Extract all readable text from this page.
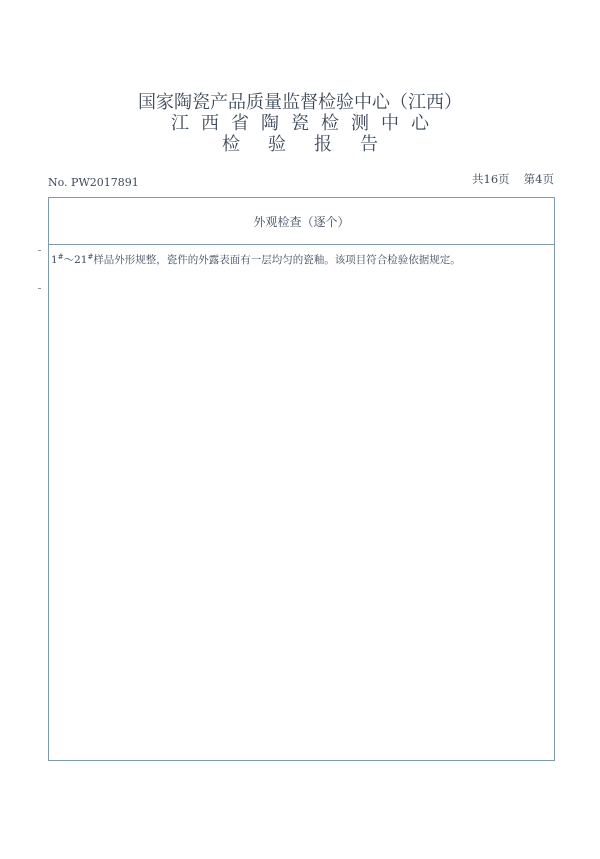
国家陶瓷产品质量监督检验中心（江西）
江西省陶瓷检测中心
检验报告
No. PW2017891	共16页 第4页
外观检查（逐个）
1#～21#样品外形规整，瓷件的外露表面有一层均匀的瓷釉。该项目符合检验依据规定。
